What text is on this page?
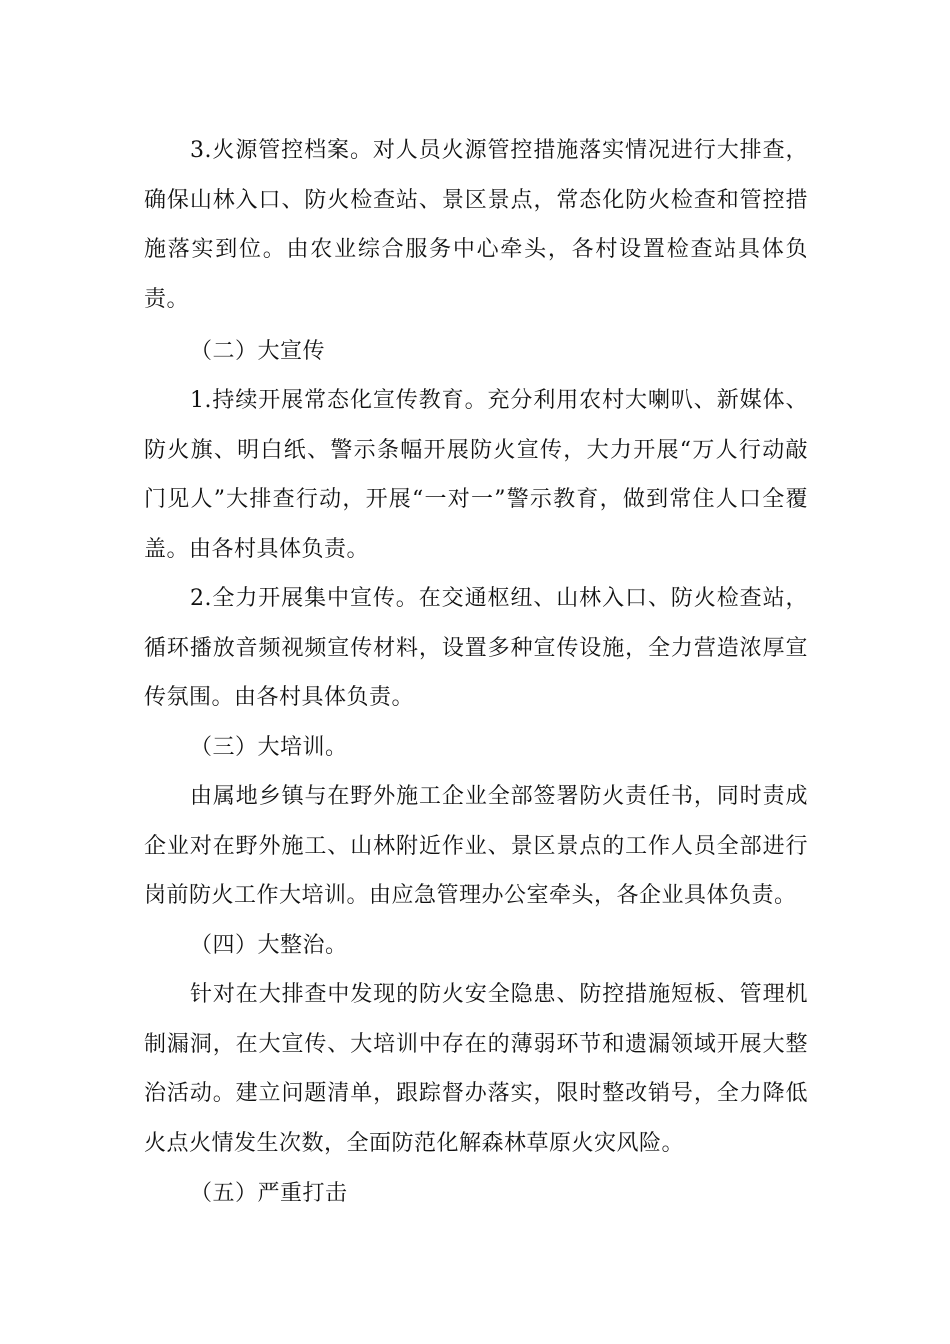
3.火源管控档案。对人员火源管控措施落实情况进行大排查，确保山林入口、防火检查站、景区景点，常态化防火检查和管控措施落实到位。由农业综合服务中心牵头，各村设置检查站具体负责。

（二）大宣传

1.持续开展常态化宣传教育。充分利用农村大喇叭、新媒体、防火旗、明白纸、警示条幅开展防火宣传，大力开展“万人行动敲门见人”大排查行动，开展“一对一”警示教育，做到常住人口全覆盖。由各村具体负责。

2.全力开展集中宣传。在交通枢纽、山林入口、防火检查站，循环播放音频视频宣传材料，设置多种宣传设施，全力营造浓厚宣传氛围。由各村具体负责。

（三）大培训。

由属地乡镇与在野外施工企业全部签署防火责任书，同时责成企业对在野外施工、山林附近作业、景区景点的工作人员全部进行岗前防火工作大培训。由应急管理办公室牵头，各企业具体负责。

（四）大整治。

针对在大排查中发现的防火安全隐患、防控措施短板、管理机制漏洞，在大宣传、大培训中存在的薄弱环节和遗漏领域开展大整治活动。建立问题清单，跟踪督办落实，限时整改销号，全力降低火点火情发生次数，全面防范化解森林草原火灾风险。

（五）严重打击
